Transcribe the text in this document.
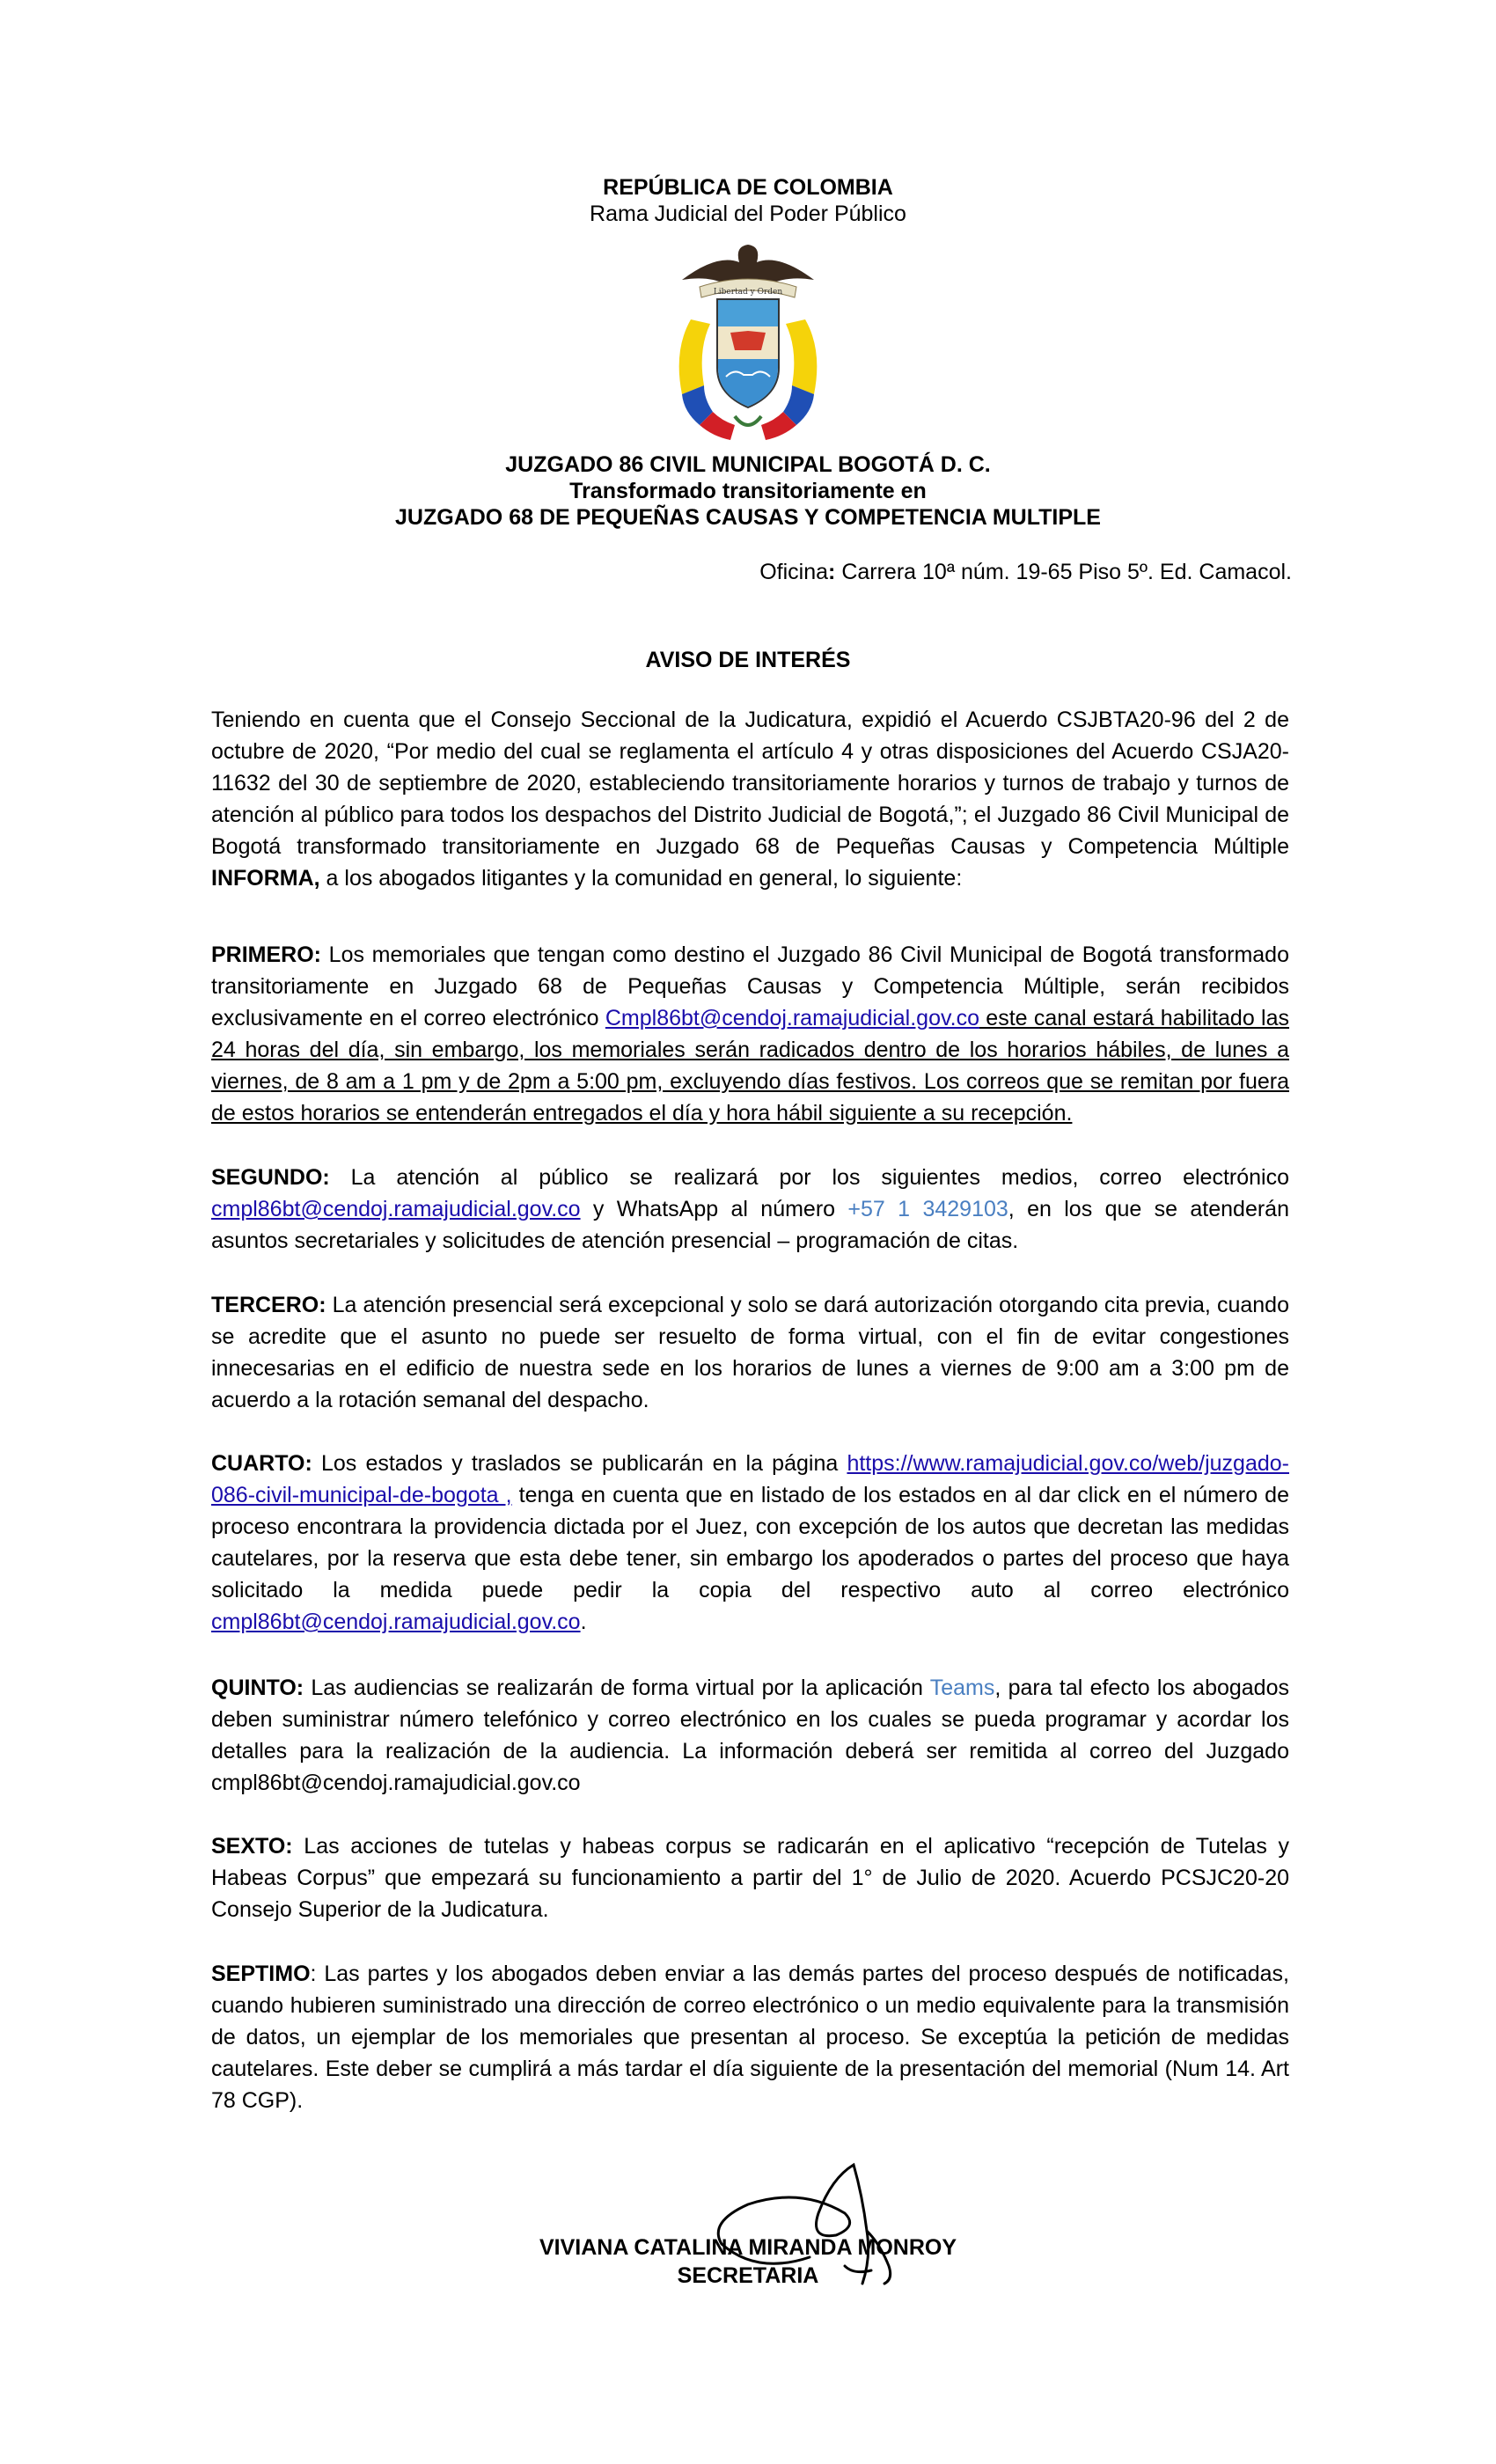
REPÚBLICA DE COLOMBIA
Rama Judicial del Poder Público
Libertad y Orden
JUZGADO 86 CIVIL MUNICIPAL BOGOTÁ D. C.
Transformado transitoriamente en
JUZGADO 68 DE PEQUEÑAS CAUSAS Y COMPETENCIA MULTIPLE
Oficina: Carrera 10ª núm. 19-65 Piso 5º. Ed. Camacol.
AVISO DE INTERÉS
Teniendo en cuenta que el Consejo Seccional de la Judicatura, expidió el Acuerdo CSJBTA20-96 del 2 de octubre de 2020, “Por medio del cual se reglamenta el artículo 4 y otras disposiciones del Acuerdo CSJA20-11632 del 30 de septiembre de 2020, estableciendo transitoriamente horarios y turnos de trabajo y turnos de atención al público para todos los despachos del Distrito Judicial de Bogotá,”; el Juzgado 86 Civil Municipal de Bogotá transformado transitoriamente en Juzgado 68 de Pequeñas Causas y Competencia Múltiple INFORMA, a los abogados litigantes y la comunidad en general, lo siguiente:
PRIMERO: Los memoriales que tengan como destino el Juzgado 86 Civil Municipal de Bogotá transformado transitoriamente en Juzgado 68 de Pequeñas Causas y Competencia Múltiple, serán recibidos exclusivamente en el correo electrónico Cmpl86bt@cendoj.ramajudicial.gov.co este canal estará habilitado las 24 horas del día, sin embargo, los memoriales serán radicados dentro de los horarios hábiles, de lunes a viernes, de 8 am a 1 pm y de 2pm a 5:00 pm, excluyendo días festivos. Los correos que se remitan por fuera de estos horarios se entenderán entregados el día y hora hábil siguiente a su recepción.
SEGUNDO: La atención al público se realizará por los siguientes medios, correo electrónico cmpl86bt@cendoj.ramajudicial.gov.co y WhatsApp al número +57 1 3429103, en los que se atenderán asuntos secretariales y solicitudes de atención presencial – programación de citas.
TERCERO: La atención presencial será excepcional y solo se dará autorización otorgando cita previa, cuando se acredite que el asunto no puede ser resuelto de forma virtual, con el fin de evitar congestiones innecesarias en el edificio de nuestra sede en los horarios de lunes a viernes de 9:00 am a 3:00 pm de acuerdo a la rotación semanal del despacho.
CUARTO: Los estados y traslados se publicarán en la página https://www.ramajudicial.gov.co/web/juzgado-086-civil-municipal-de-bogota , tenga en cuenta que en listado de los estados en al dar click en el número de proceso encontrara la providencia dictada por el Juez, con excepción de los autos que decretan las medidas cautelares, por la reserva que esta debe tener, sin embargo los apoderados o partes del proceso que haya solicitado la medida puede pedir la copia del respectivo auto al correo electrónico cmpl86bt@cendoj.ramajudicial.gov.co.
QUINTO: Las audiencias se realizarán de forma virtual por la aplicación Teams, para tal efecto los abogados deben suministrar número telefónico y correo electrónico en los cuales se pueda programar y acordar los detalles para la realización de la audiencia. La información deberá ser remitida al correo del Juzgado cmpl86bt@cendoj.ramajudicial.gov.co
SEXTO: Las acciones de tutelas y habeas corpus se radicarán en el aplicativo “recepción de Tutelas y Habeas Corpus” que empezará su funcionamiento a partir del 1° de Julio de 2020. Acuerdo PCSJC20-20 Consejo Superior de la Judicatura.
SEPTIMO: Las partes y los abogados deben enviar a las demás partes del proceso después de notificadas, cuando hubieren suministrado una dirección de correo electrónico o un medio equivalente para la transmisión de datos, un ejemplar de los memoriales que presentan al proceso. Se exceptúa la petición de medidas cautelares. Este deber se cumplirá a más tardar el día siguiente de la presentación del memorial (Num 14. Art 78 CGP).
VIVIANA CATALINA MIRANDA MONROY
SECRETARIA
